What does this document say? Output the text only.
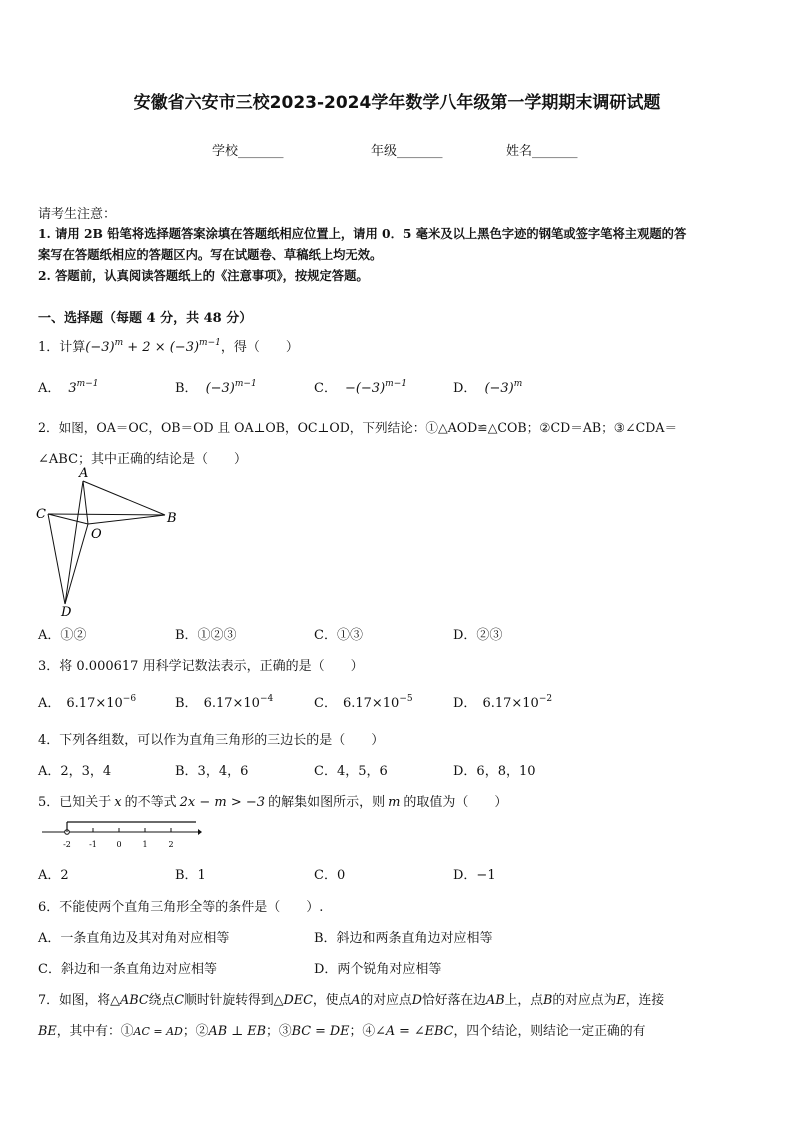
安徽省六安市三校2023-2024学年数学八年级第一学期期末调研试题
学校_______	年级_______	姓名_______
请考生注意：
1. 请用 2B 铅笔将选择题答案涂填在答题纸相应位置上，请用 0．5 毫米及以上黑色字迹的钢笔或签字笔将主观题的答
案写在答题纸相应的答题区内。写在试题卷、草稿纸上均无效。
2. 答题前，认真阅读答题纸上的《注意事项》，按规定答题。
一、选择题（每题 4 分，共 48 分）
1．计算$(-3)^m + 2 \times (-3)^{m-1}$，得（　　）
A． $3^{m-1}$	B． $(-3)^{m-1}$	C． $-(-3)^{m-1}$	D． $(-3)^m$
2．如图，OA＝OC，OB＝OD 且 OA⊥OB，OC⊥OD，下列结论：①△AOD≌△COB；②CD＝AB；③∠CDA＝
∠ABC；其中正确的结论是（　　）
A
B
C
D
O
A．①②	B．①②③	C．①③	D．②③
3．将 0.000617 用科学记数法表示，正确的是（　　）
A． $6.17\times 10^{-6}$	B． $6.17\times 10^{-4}$	C． $6.17\times 10^{-5}$	D． $6.17\times 10^{-2}$
4．下列各组数，可以作为直角三角形的三边长的是（　　）
A．2，3，4	B．3，4，6	C．4，5，6	D．6，8，10
5．已知关于 x 的不等式 2x − m > −3 的解集如图所示，则 m 的取值为（　　）
-2 -1 0	1	2
A．2	B．1	C．0	D．−1
6．不能使两个直角三角形全等的条件是（　　）.
A．一条直角边及其对角对应相等	B．斜边和两条直角边对应相等
C．斜边和一条直角边对应相等	D．两个锐角对应相等
7．如图，将△ABC绕点C顺时针旋转得到△DEC，使点A的对应点D恰好落在边AB上，点B的对应点为E，连接
BE，其中有：①AC = AD；②AB ⊥ EB；③BC = DE；④∠A = ∠EBC，四个结论，则结论一定正确的有
